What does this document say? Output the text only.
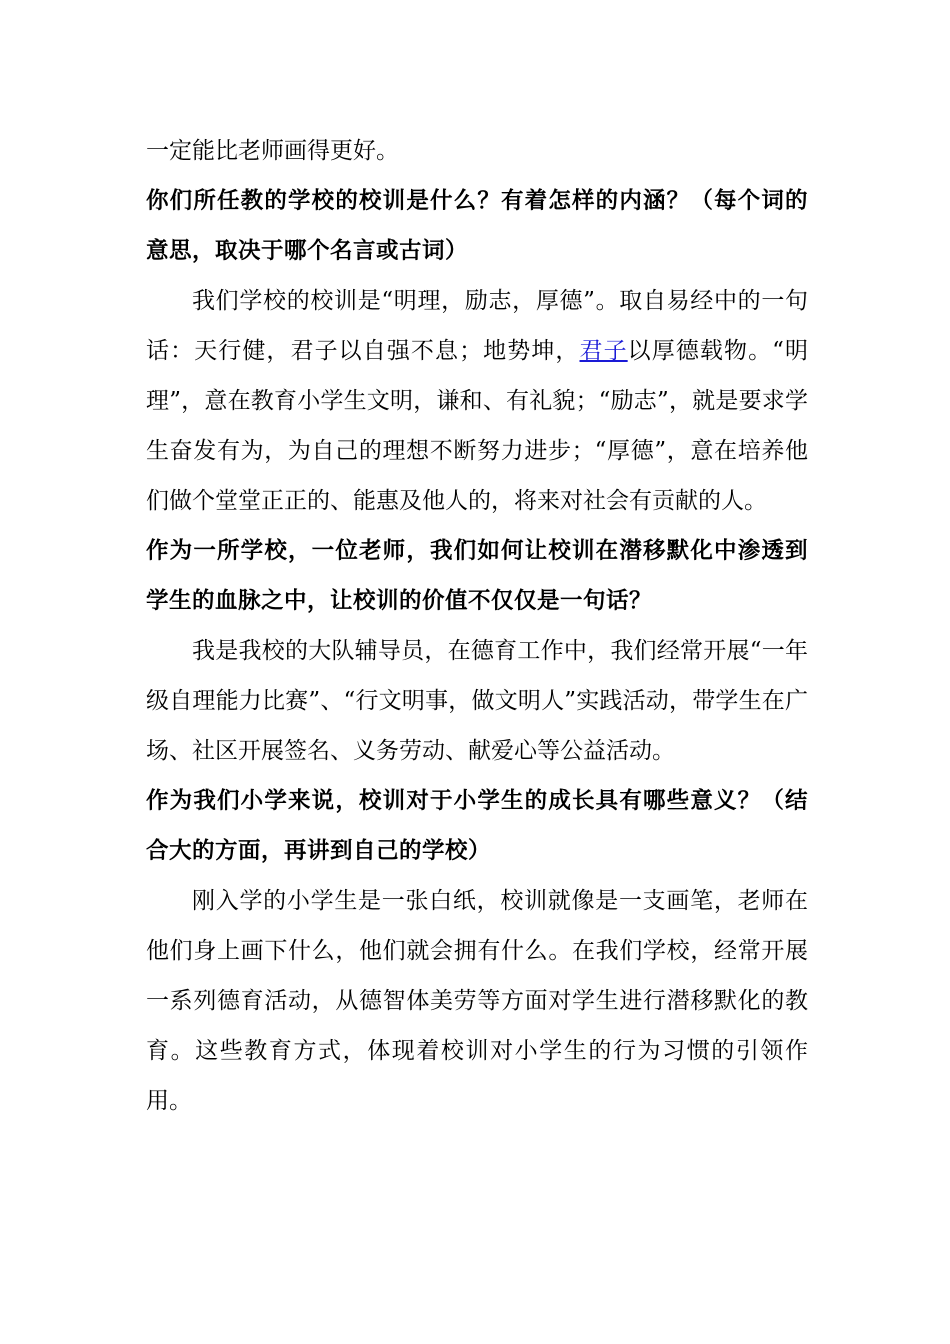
一定能比老师画得更好。

你们所任教的学校的校训是什么？有着怎样的内涵？（每个词的意思，取决于哪个名言或古词）

我们学校的校训是“明理，励志，厚德”。取自易经中的一句话：天行健，君子以自强不息；地势坤，君子以厚德载物。“明理”，意在教育小学生文明，谦和、有礼貌；“励志”，就是要求学生奋发有为，为自己的理想不断努力进步；“厚德”，意在培养他们做个堂堂正正的、能惠及他人的，将来对社会有贡献的人。

作为一所学校，一位老师，我们如何让校训在潜移默化中渗透到学生的血脉之中，让校训的价值不仅仅是一句话？

我是我校的大队辅导员，在德育工作中，我们经常开展“一年级自理能力比赛”、“行文明事，做文明人”实践活动，带学生在广场、社区开展签名、义务劳动、献爱心等公益活动。

作为我们小学来说，校训对于小学生的成长具有哪些意义？（结合大的方面，再讲到自己的学校）

刚入学的小学生是一张白纸，校训就像是一支画笔，老师在他们身上画下什么，他们就会拥有什么。在我们学校，经常开展一系列德育活动，从德智体美劳等方面对学生进行潜移默化的教育。这些教育方式，体现着校训对小学生的行为习惯的引领作用。
